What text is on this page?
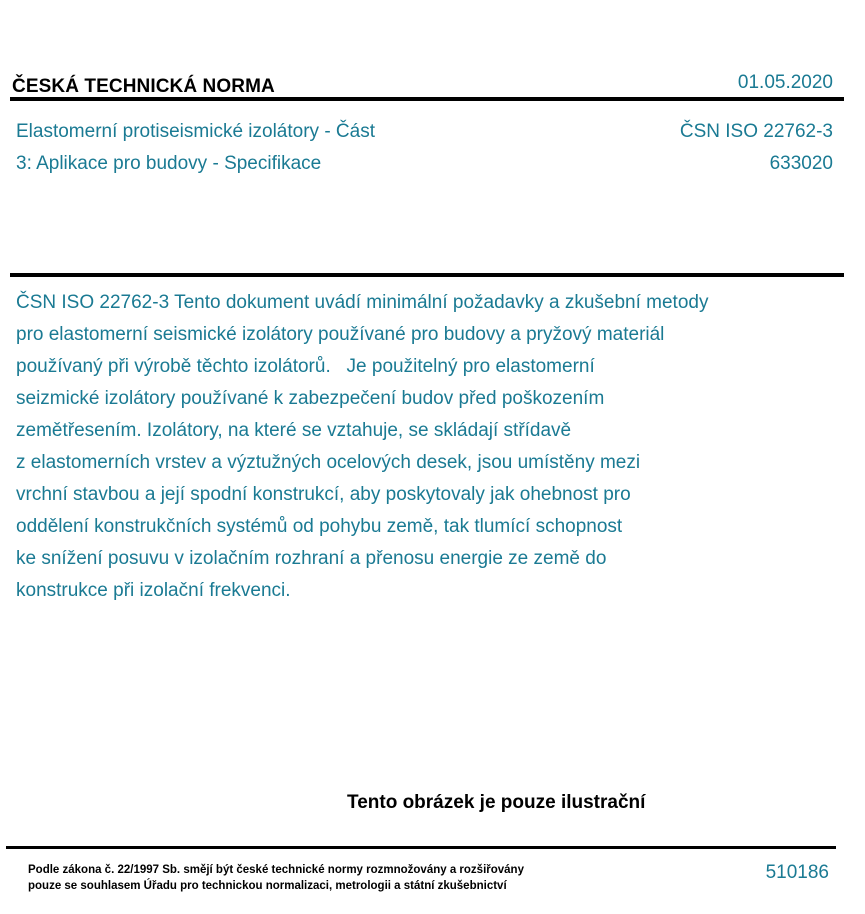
ČESKÁ TECHNICKÁ NORMA	01.05.2020
Elastomerní protiseismické izolátory - Část
3: Aplikace pro budovy - Specifikace
ČSN ISO 22762-3
633020
ČSN ISO 22762-3 Tento dokument uvádí minimální požadavky a zkušební metody
pro elastomerní seismické izolátory používané pro budovy a pryžový materiál
používaný při výrobě těchto izolátorů.   Je použitelný pro elastomerní
seizmické izolátory používané k zabezpečení budov před poškozením
zemětřesením. Izolátory, na které se vztahuje, se skládají střídavě
z elastomerních vrstev a výztužných ocelových desek, jsou umístěny mezi
vrchní stavbou a její spodní konstrukcí, aby poskytovaly jak ohebnost pro
oddělení konstrukčních systémů od pohybu země, tak tlumící schopnost
ke snížení posuvu v izolačním rozhraní a přenosu energie ze země do
konstrukce při izolační frekvenci.
Tento obrázek je pouze ilustrační
Podle zákona č. 22/1997 Sb. smějí být české technické normy rozmnožovány a rozšiřovány
pouze se souhlasem Úřadu pro technickou normalizaci, metrologii a státní zkušebnictví
510186
